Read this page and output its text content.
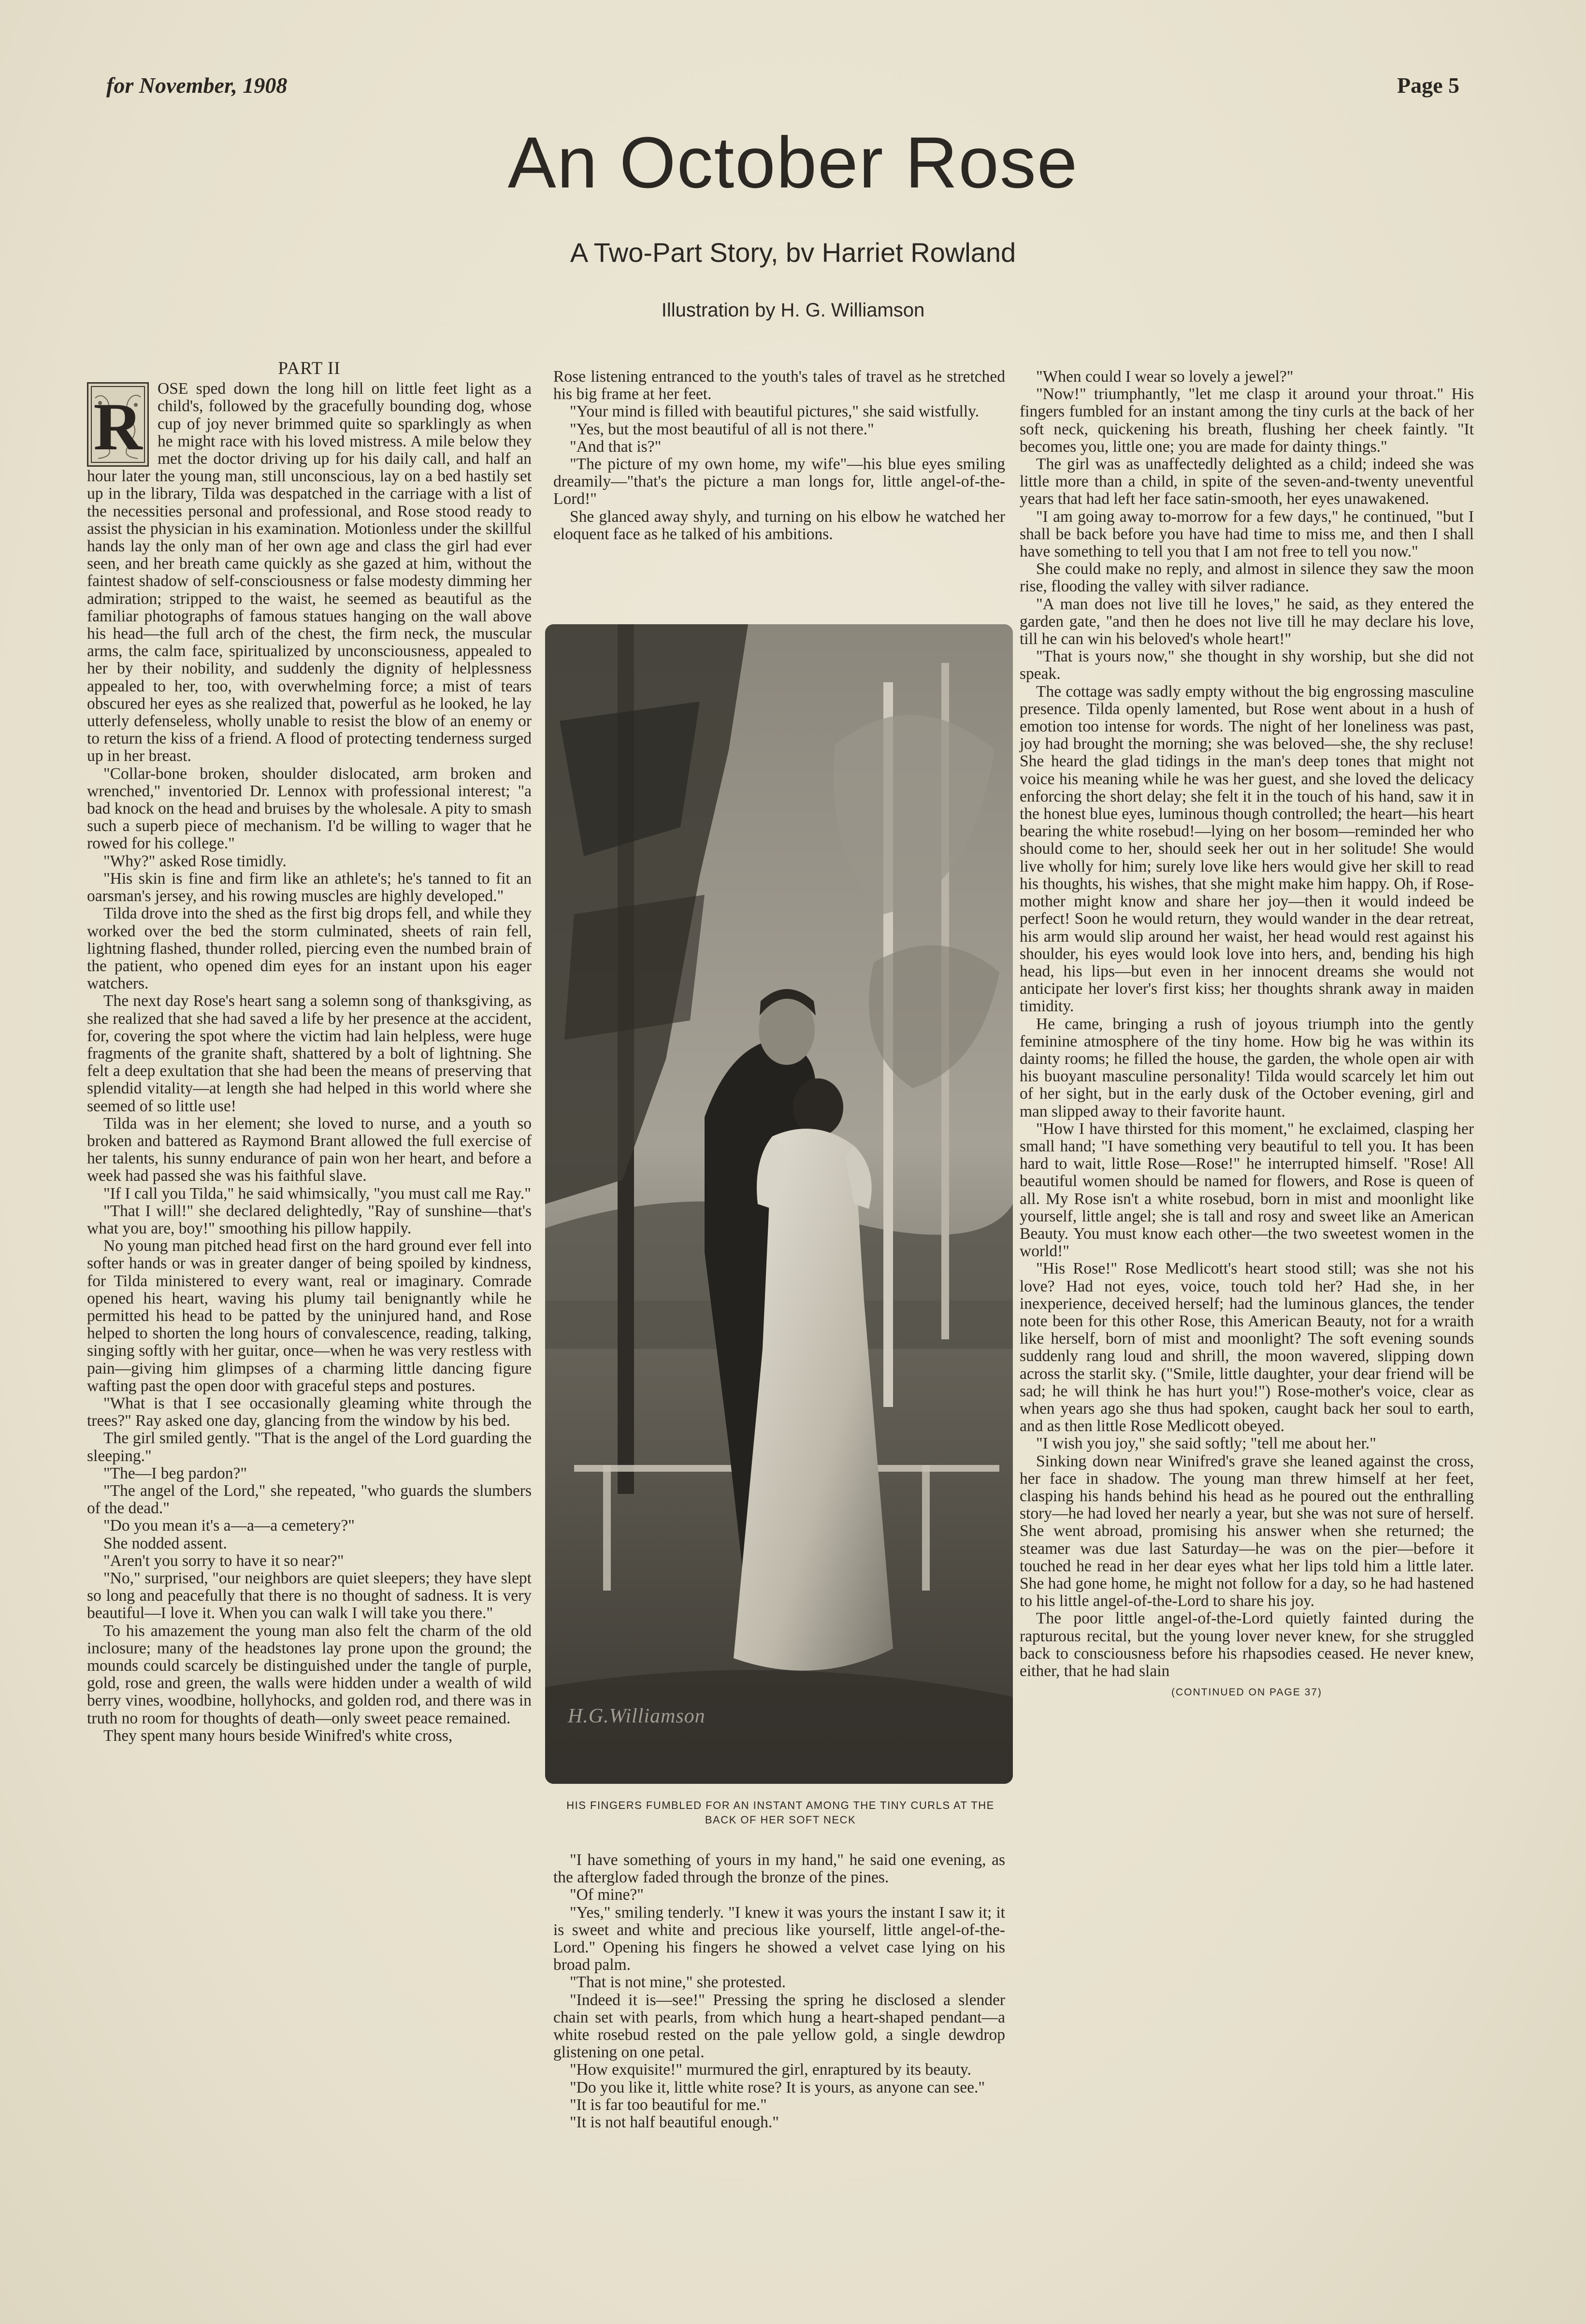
for November, 1908	Page 5
An October Rose
A Two-Part Story, bv Harriet Rowland
Illustration by H. G. Williamson
PART II
R

OSE sped down the long hill on little feet light as a child's, followed by the gracefully bounding dog, whose cup of joy never brimmed quite so sparklingly as when he might race with his loved mistress. A mile below they met the doctor driving up for his daily call, and half an hour later the young man, still unconscious, lay on a bed hastily set up in the library, Tilda was despatched in the carriage with a list of the necessities personal and professional, and Rose stood ready to assist the physician in his examination. Motionless under the skillful hands lay the only man of her own age and class the girl had ever seen, and her breath came quickly as she gazed at him, without the faintest shadow of self-consciousness or false modesty dimming her admiration; stripped to the waist, he seemed as beautiful as the familiar photographs of famous statues hanging on the wall above his head—the full arch of the chest, the firm neck, the muscular arms, the calm face, spiritualized by unconsciousness, appealed to her by their nobility, and suddenly the dignity of helplessness appealed to her, too, with overwhelming force; a mist of tears obscured her eyes as she realized that, powerful as he looked, he lay utterly defenseless, wholly unable to resist the blow of an enemy or to return the kiss of a friend. A flood of protecting tenderness surged up in her breast.

"Collar-bone broken, shoulder dislocated, arm broken and wrenched," inventoried Dr. Lennox with professional interest; "a bad knock on the head and bruises by the wholesale. A pity to smash such a superb piece of mechanism. I'd be willing to wager that he rowed for his college."

"Why?" asked Rose timidly.

"His skin is fine and firm like an athlete's; he's tanned to fit an oarsman's jersey, and his rowing muscles are highly developed."

Tilda drove into the shed as the first big drops fell, and while they worked over the bed the storm culminated, sheets of rain fell, lightning flashed, thunder rolled, piercing even the numbed brain of the patient, who opened dim eyes for an instant upon his eager watchers.

The next day Rose's heart sang a solemn song of thanksgiving, as she realized that she had saved a life by her presence at the accident, for, covering the spot where the victim had lain helpless, were huge fragments of the granite shaft, shattered by a bolt of lightning. She felt a deep exultation that she had been the means of preserving that splendid vitality—at length she had helped in this world where she seemed of so little use!

Tilda was in her element; she loved to nurse, and a youth so broken and battered as Raymond Brant allowed the full exercise of her talents, his sunny endurance of pain won her heart, and before a week had passed she was his faithful slave.

"If I call you Tilda," he said whimsically, "you must call me Ray."

"That I will!" she declared delightedly, "Ray of sunshine—that's what you are, boy!" smoothing his pillow happily.

No young man pitched head first on the hard ground ever fell into softer hands or was in greater danger of being spoiled by kindness, for Tilda ministered to every want, real or imaginary. Comrade opened his heart, waving his plumy tail benignantly while he permitted his head to be patted by the uninjured hand, and Rose helped to shorten the long hours of convalescence, reading, talking, singing softly with her guitar, once—when he was very restless with pain—giving him glimpses of a charming little dancing figure wafting past the open door with graceful steps and postures.

"What is that I see occasionally gleaming white through the trees?" Ray asked one day, glancing from the window by his bed.

The girl smiled gently. "That is the angel of the Lord guarding the sleeping."

"The—I beg pardon?"

"The angel of the Lord," she repeated, "who guards the slumbers of the dead."

"Do you mean it's a—a—a cemetery?"

She nodded assent.

"Aren't you sorry to have it so near?"

"No," surprised, "our neighbors are quiet sleepers; they have slept so long and peacefully that there is no thought of sadness. It is very beautiful—I love it. When you can walk I will take you there."

To his amazement the young man also felt the charm of the old inclosure; many of the headstones lay prone upon the ground; the mounds could scarcely be distinguished under the tangle of purple, gold, rose and green, the walls were hidden under a wealth of wild berry vines, woodbine, hollyhocks, and golden rod, and there was in truth no room for thoughts of death—only sweet peace remained.

They spent many hours beside Winifred's white cross,

Rose listening entranced to the youth's tales of travel as he stretched his big frame at her feet.

"Your mind is filled with beautiful pictures," she said wistfully.

"Yes, but the most beautiful of all is not there."

"And that is?"

"The picture of my own home, my wife"—his blue eyes smiling dreamily—"that's the picture a man longs for, little angel-of-the-Lord!"

She glanced away shyly, and turning on his elbow he watched her eloquent face as he talked of his ambitions.

H.G.Williamson
HIS FINGERS FUMBLED FOR AN INSTANT AMONG THE TINY CURLS AT THE BACK OF HER SOFT NECK

"I have something of yours in my hand," he said one evening, as the afterglow faded through the bronze of the pines.

"Of mine?"

"Yes," smiling tenderly. "I knew it was yours the instant I saw it; it is sweet and white and precious like yourself, little angel-of-the-Lord." Opening his fingers he showed a velvet case lying on his broad palm.

"That is not mine," she protested.

"Indeed it is—see!" Pressing the spring he disclosed a slender chain set with pearls, from which hung a heart-shaped pendant—a white rosebud rested on the pale yellow gold, a single dewdrop glistening on one petal.

"How exquisite!" murmured the girl, enraptured by its beauty.

"Do you like it, little white rose? It is yours, as anyone can see."

"It is far too beautiful for me."

"It is not half beautiful enough."

"When could I wear so lovely a jewel?"

"Now!" triumphantly, "let me clasp it around your throat." His fingers fumbled for an instant among the tiny curls at the back of her soft neck, quickening his breath, flushing her cheek faintly. "It becomes you, little one; you are made for dainty things."

The girl was as unaffectedly delighted as a child; indeed she was little more than a child, in spite of the seven-and-twenty uneventful years that had left her face satin-smooth, her eyes unawakened.

"I am going away to-morrow for a few days," he continued, "but I shall be back before you have had time to miss me, and then I shall have something to tell you that I am not free to tell you now."

She could make no reply, and almost in silence they saw the moon rise, flooding the valley with silver radiance.

"A man does not live till he loves," he said, as they entered the garden gate, "and then he does not live till he may declare his love, till he can win his beloved's whole heart!"

"That is yours now," she thought in shy worship, but she did not speak.

The cottage was sadly empty without the big engrossing masculine presence. Tilda openly lamented, but Rose went about in a hush of emotion too intense for words. The night of her loneliness was past, joy had brought the morning; she was beloved—she, the shy recluse! She heard the glad tidings in the man's deep tones that might not voice his meaning while he was her guest, and she loved the delicacy enforcing the short delay; she felt it in the touch of his hand, saw it in the honest blue eyes, luminous though controlled; the heart—his heart bearing the white rosebud!—lying on her bosom—reminded her who should come to her, should seek her out in her solitude! She would live wholly for him; surely love like hers would give her skill to read his thoughts, his wishes, that she might make him happy. Oh, if Rose-mother might know and share her joy—then it would indeed be perfect! Soon he would return, they would wander in the dear retreat, his arm would slip around her waist, her head would rest against his shoulder, his eyes would look love into hers, and, bending his high head, his lips—but even in her innocent dreams she would not anticipate her lover's first kiss; her thoughts shrank away in maiden timidity.

He came, bringing a rush of joyous triumph into the gently feminine atmosphere of the tiny home. How big he was within its dainty rooms; he filled the house, the garden, the whole open air with his buoyant masculine personality! Tilda would scarcely let him out of her sight, but in the early dusk of the October evening, girl and man slipped away to their favorite haunt.

"How I have thirsted for this moment," he exclaimed, clasping her small hand; "I have something very beautiful to tell you. It has been hard to wait, little Rose—Rose!" he interrupted himself. "Rose! All beautiful women should be named for flowers, and Rose is queen of all. My Rose isn't a white rosebud, born in mist and moonlight like yourself, little angel; she is tall and rosy and sweet like an American Beauty. You must know each other—the two sweetest women in the world!"

"His Rose!" Rose Medlicott's heart stood still; was she not his love? Had not eyes, voice, touch told her? Had she, in her inexperience, deceived herself; had the luminous glances, the tender note been for this other Rose, this American Beauty, not for a wraith like herself, born of mist and moonlight? The soft evening sounds suddenly rang loud and shrill, the moon wavered, slipping down across the starlit sky. ("Smile, little daughter, your dear friend will be sad; he will think he has hurt you!") Rose-mother's voice, clear as when years ago she thus had spoken, caught back her soul to earth, and as then little Rose Medlicott obeyed.

"I wish you joy," she said softly; "tell me about her."

Sinking down near Winifred's grave she leaned against the cross, her face in shadow. The young man threw himself at her feet, clasping his hands behind his head as he poured out the enthralling story—he had loved her nearly a year, but she was not sure of herself. She went abroad, promising his answer when she returned; the steamer was due last Saturday—he was on the pier—before it touched he read in her dear eyes what her lips told him a little later. She had gone home, he might not follow for a day, so he had hastened to his little angel-of-the-Lord to share his joy.

The poor little angel-of-the-Lord quietly fainted during the rapturous recital, but the young lover never knew, for she struggled back to consciousness before his rhapsodies ceased. He never knew, either, that he had slain

(CONTINUED ON PAGE 37)
